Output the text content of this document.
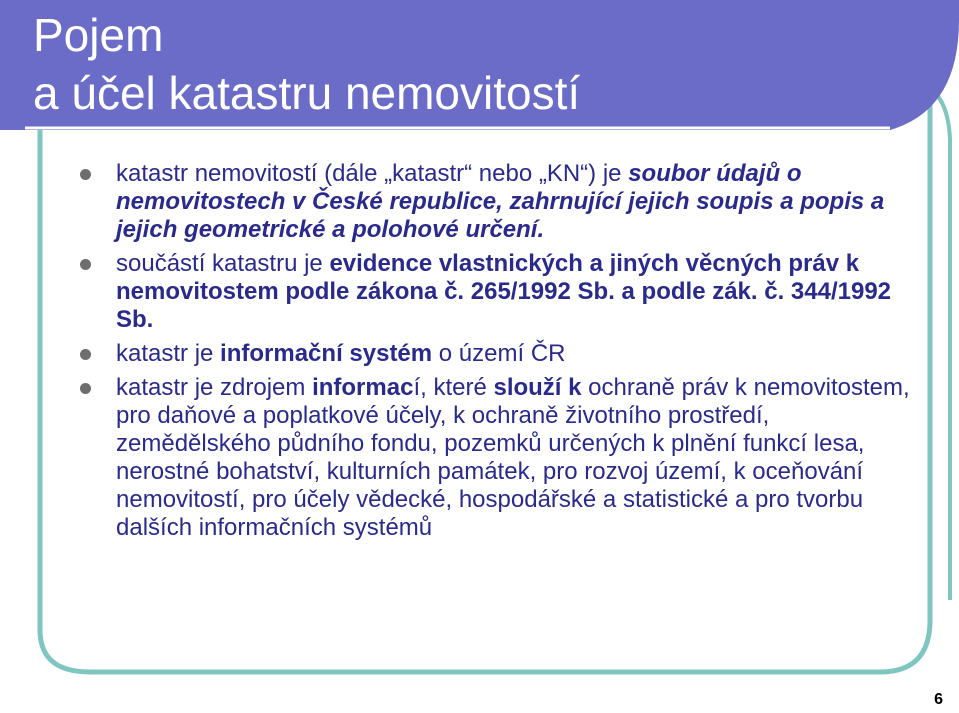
Pojem
a účel katastru nemovitostí
katastr nemovitostí (dále „katastr“ nebo „KN“) je soubor údajů o nemovitostech v České republice, zahrnující jejich soupis a popis a jejich geometrické a polohové určení.
součástí katastru je evidence vlastnických a jiných věcných práv k nemovitostem podle zákona č. 265/1992 Sb. a podle zák. č. 344/1992 Sb.
katastr je informační systém o území ČR
katastr je zdrojem informací, které slouží k ochraně práv k nemovitostem, pro daňové a poplatkové účely, k ochraně životního prostředí, zemědělského půdního fondu, pozemků určených k plnění funkcí lesa, nerostné bohatství, kulturních památek, pro rozvoj území, k oceňování nemovitostí, pro účely vědecké, hospodářské a statistické a pro tvorbu dalších informačních systémů
6
